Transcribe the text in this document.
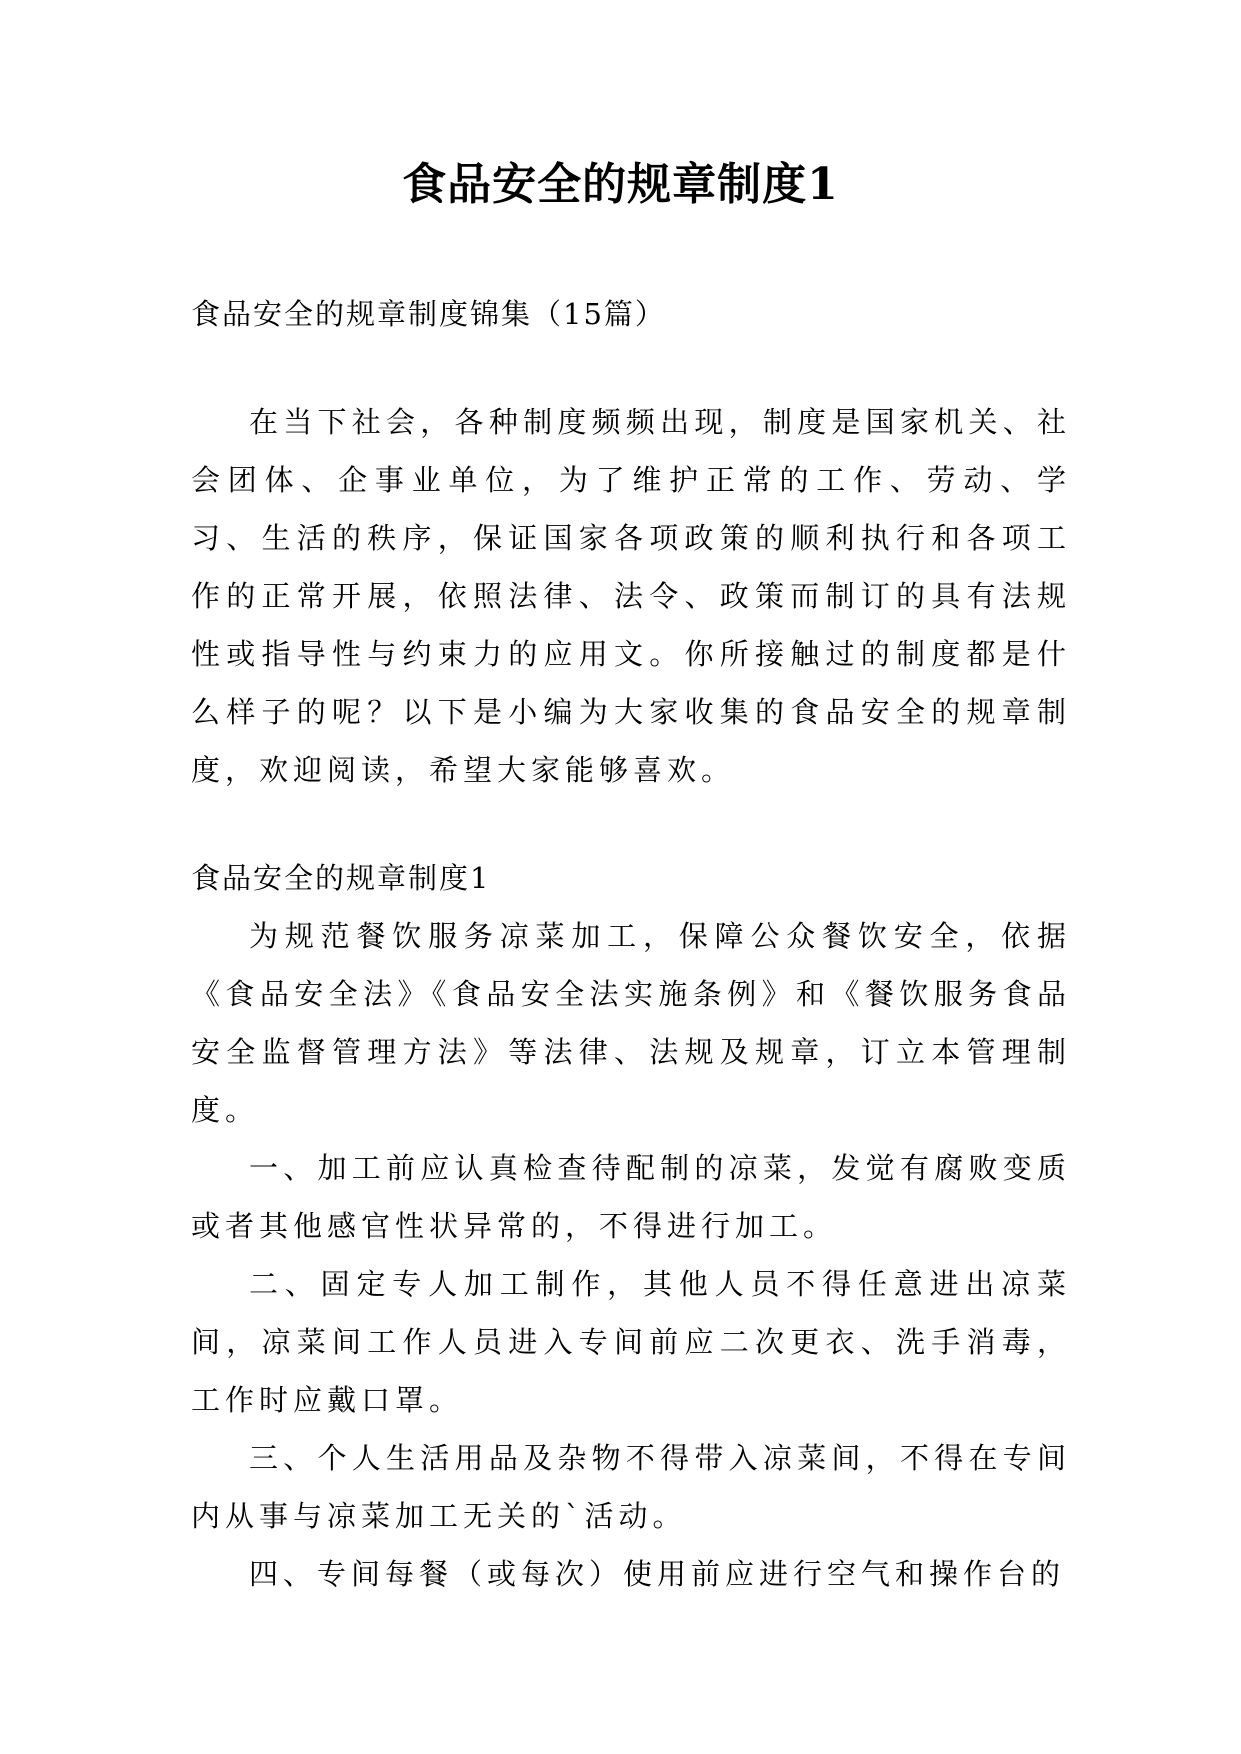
食品安全的规章制度1

食品安全的规章制度锦集（15篇）

在当下社会，各种制度频频出现，制度是国家机关、社会团体、企事业单位，为了维护正常的工作、劳动、学习、生活的秩序，保证国家各项政策的顺利执行和各项工作的正常开展，依照法律、法令、政策而制订的具有法规性或指导性与约束力的应用文。你所接触过的制度都是什么样子的呢？以下是小编为大家收集的食品安全的规章制度，欢迎阅读，希望大家能够喜欢。

食品安全的规章制度1

为规范餐饮服务凉菜加工，保障公众餐饮安全，依据《食品安全法》《食品安全法实施条例》和《餐饮服务食品安全监督管理方法》等法律、法规及规章，订立本管理制度。

一、加工前应认真检查待配制的凉菜，发觉有腐败变质或者其他感官性状异常的，不得进行加工。

二、固定专人加工制作，其他人员不得任意进出凉菜间，凉菜间工作人员进入专间前应二次更衣、洗手消毒，工作时应戴口罩。

三、个人生活用品及杂物不得带入凉菜间，不得在专间内从事与凉菜加工无关的`活动。

四、专间每餐（或每次）使用前应进行空气和操作台的
